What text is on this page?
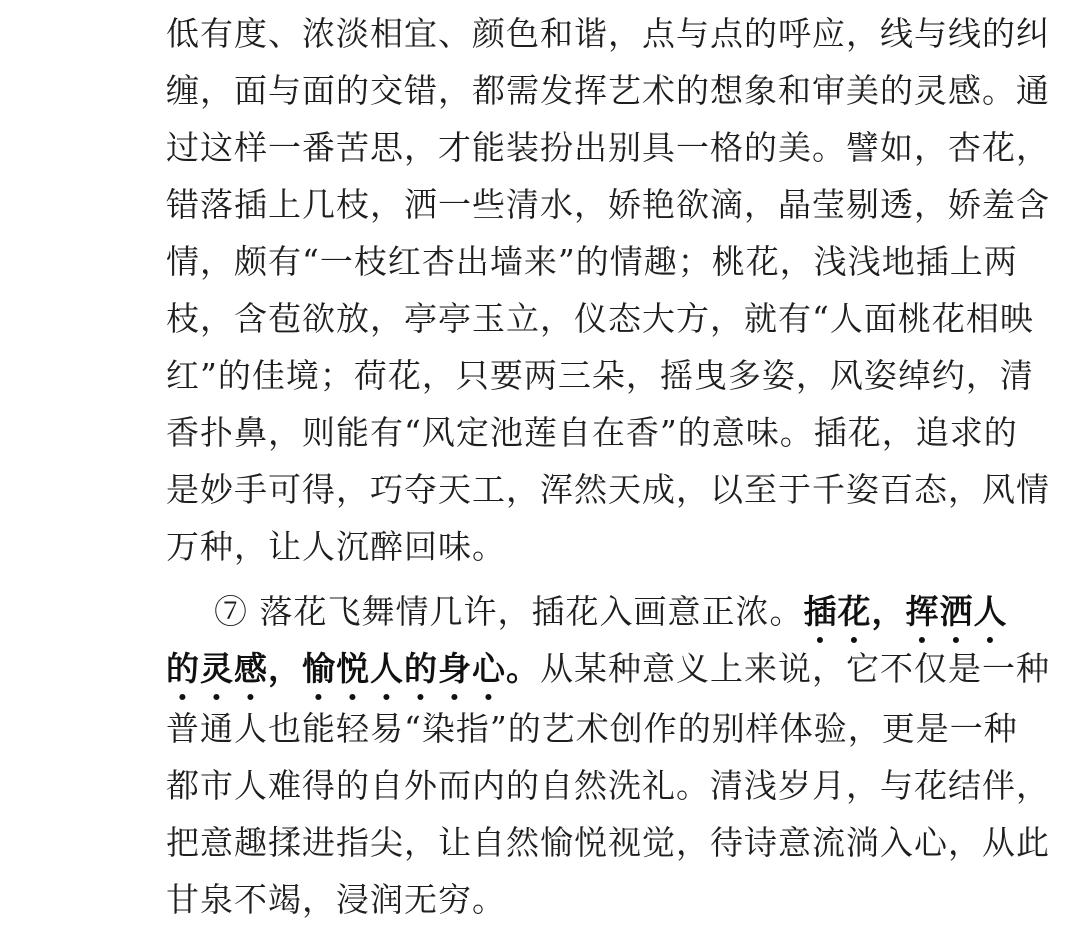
低有度、浓淡相宜、颜色和谐，点与点的呼应，线与线的纠
缠，面与面的交错，都需发挥艺术的想象和审美的灵感。通
过这样一番苦思，才能装扮出别具一格的美。譬如，杏花，
错落插上几枝，洒一些清水，娇艳欲滴，晶莹剔透，娇羞含
情，颇有“一枝红杏出墙来”的情趣；桃花，浅浅地插上两
枝，含苞欲放，亭亭玉立，仪态大方，就有“人面桃花相映
红”的佳境；荷花，只要两三朵，摇曳多姿，风姿绰约，清
香扑鼻，则能有“风定池莲自在香”的意味。插花，追求的
是妙手可得，巧夺天工，浑然天成，以至于千姿百态，风情
万种，让人沉醉回味。
⑦ 落花飞舞情几许，插花入画意正浓。插花，挥洒人
的灵感，愉悦人的身心。从某种意义上来说，它不仅是一种
普通人也能轻易“染指”的艺术创作的别样体验，更是一种
都市人难得的自外而内的自然洗礼。清浅岁月，与花结伴，
把意趣揉进指尖，让自然愉悦视觉，待诗意流淌入心，从此
甘泉不竭，浸润无穷。
